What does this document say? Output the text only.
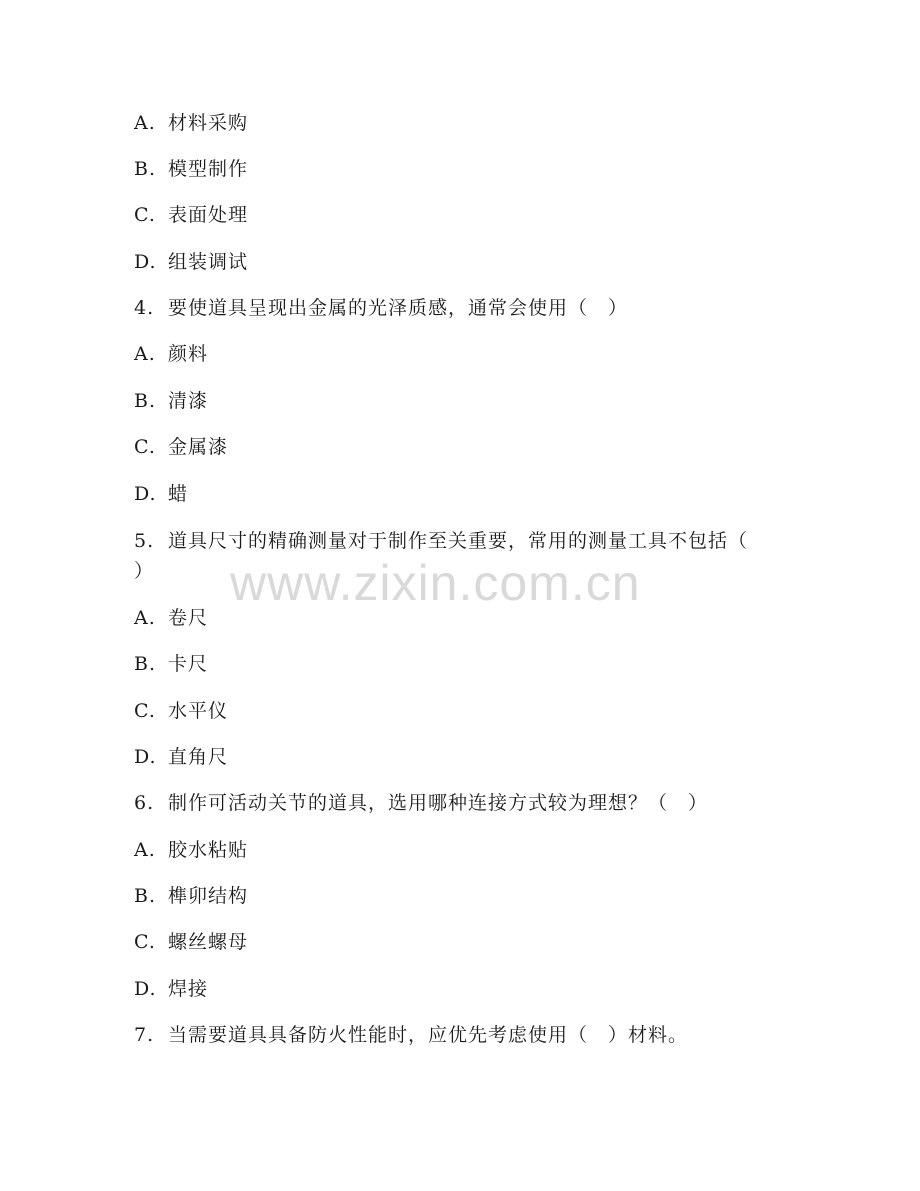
A. 材料采购
B. 模型制作
C. 表面处理
D. 组装调试
4. 要使道具呈现出金属的光泽质感，通常会使用（　）
A. 颜料
B. 清漆
C. 金属漆
D. 蜡
5. 道具尺寸的精确测量对于制作至关重要，常用的测量工具不包括（
）
A. 卷尺
B. 卡尺
C. 水平仪
D. 直角尺
6. 制作可活动关节的道具，选用哪种连接方式较为理想？（　）
A. 胶水粘贴
B. 榫卯结构
C. 螺丝螺母
D. 焊接
7. 当需要道具具备防火性能时，应优先考虑使用（　）材料。
www.zixin.com.cn
